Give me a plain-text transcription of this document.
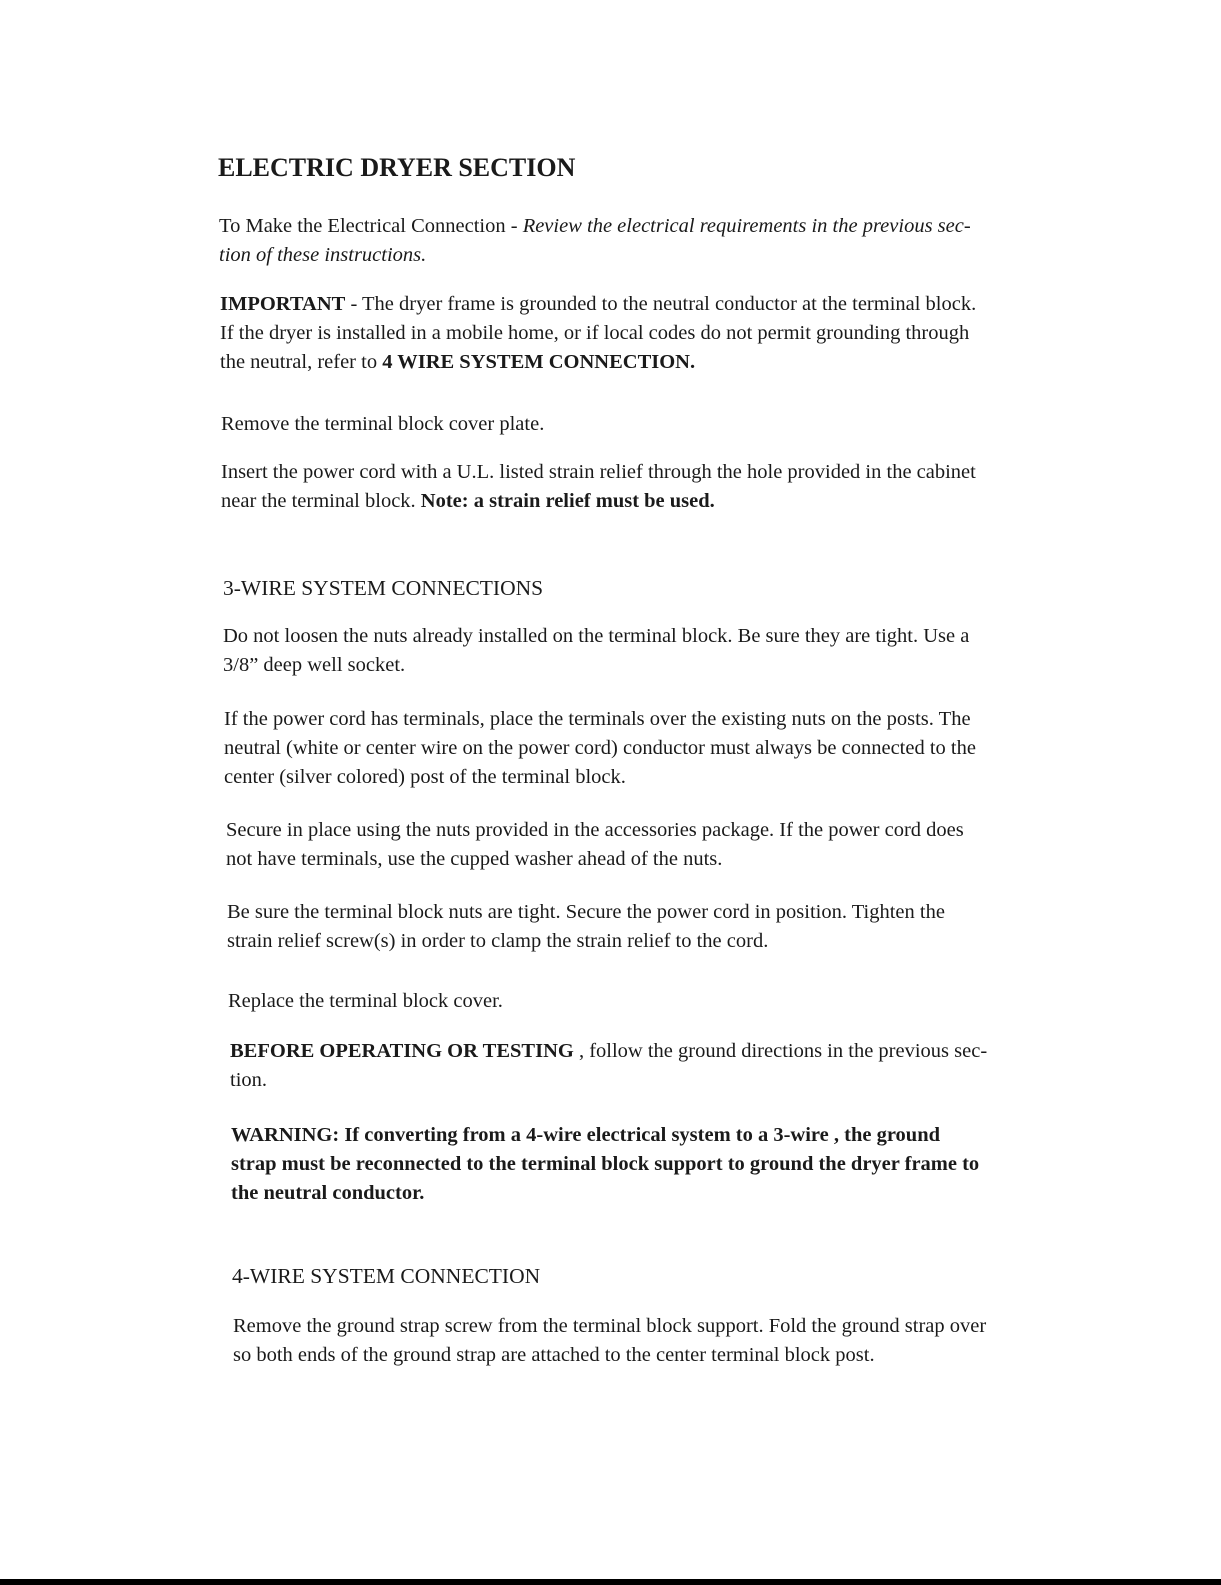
ELECTRIC DRYER SECTION
To Make the Electrical Connection - Review the electrical requirements in the previous sec-
tion of these instructions.
IMPORTANT - The dryer frame is grounded to the neutral conductor at the terminal block.
If the dryer is installed in a mobile home, or if local codes do not permit grounding through
the neutral, refer to 4 WIRE SYSTEM CONNECTION.
Remove the terminal block cover plate.
Insert the power cord with a U.L. listed strain relief through the hole provided in the cabinet
near the terminal block. Note: a strain relief must be used.
3-WIRE SYSTEM CONNECTIONS
Do not loosen the nuts already installed on the terminal block. Be sure they are tight. Use a
3/8” deep well socket.
If the power cord has terminals, place the terminals over the existing nuts on the posts. The
neutral (white or center wire on the power cord) conductor must always be connected to the
center (silver colored) post of the terminal block.
Secure in place using the nuts provided in the accessories package. If the power cord does
not have terminals, use the cupped washer ahead of the nuts.
Be sure the terminal block nuts are tight. Secure the power cord in position. Tighten the
strain relief screw(s) in order to clamp the strain relief to the cord.
Replace the terminal block cover.
BEFORE OPERATING OR TESTING , follow the ground directions in the previous sec-
tion.
WARNING: If converting from a 4-wire electrical system to a 3-wire , the ground
strap must be reconnected to the terminal block support to ground the dryer frame to
the neutral conductor.
4-WIRE SYSTEM CONNECTION
Remove the ground strap screw from the terminal block support. Fold the ground strap over
so both ends of the ground strap are attached to the center terminal block post.
